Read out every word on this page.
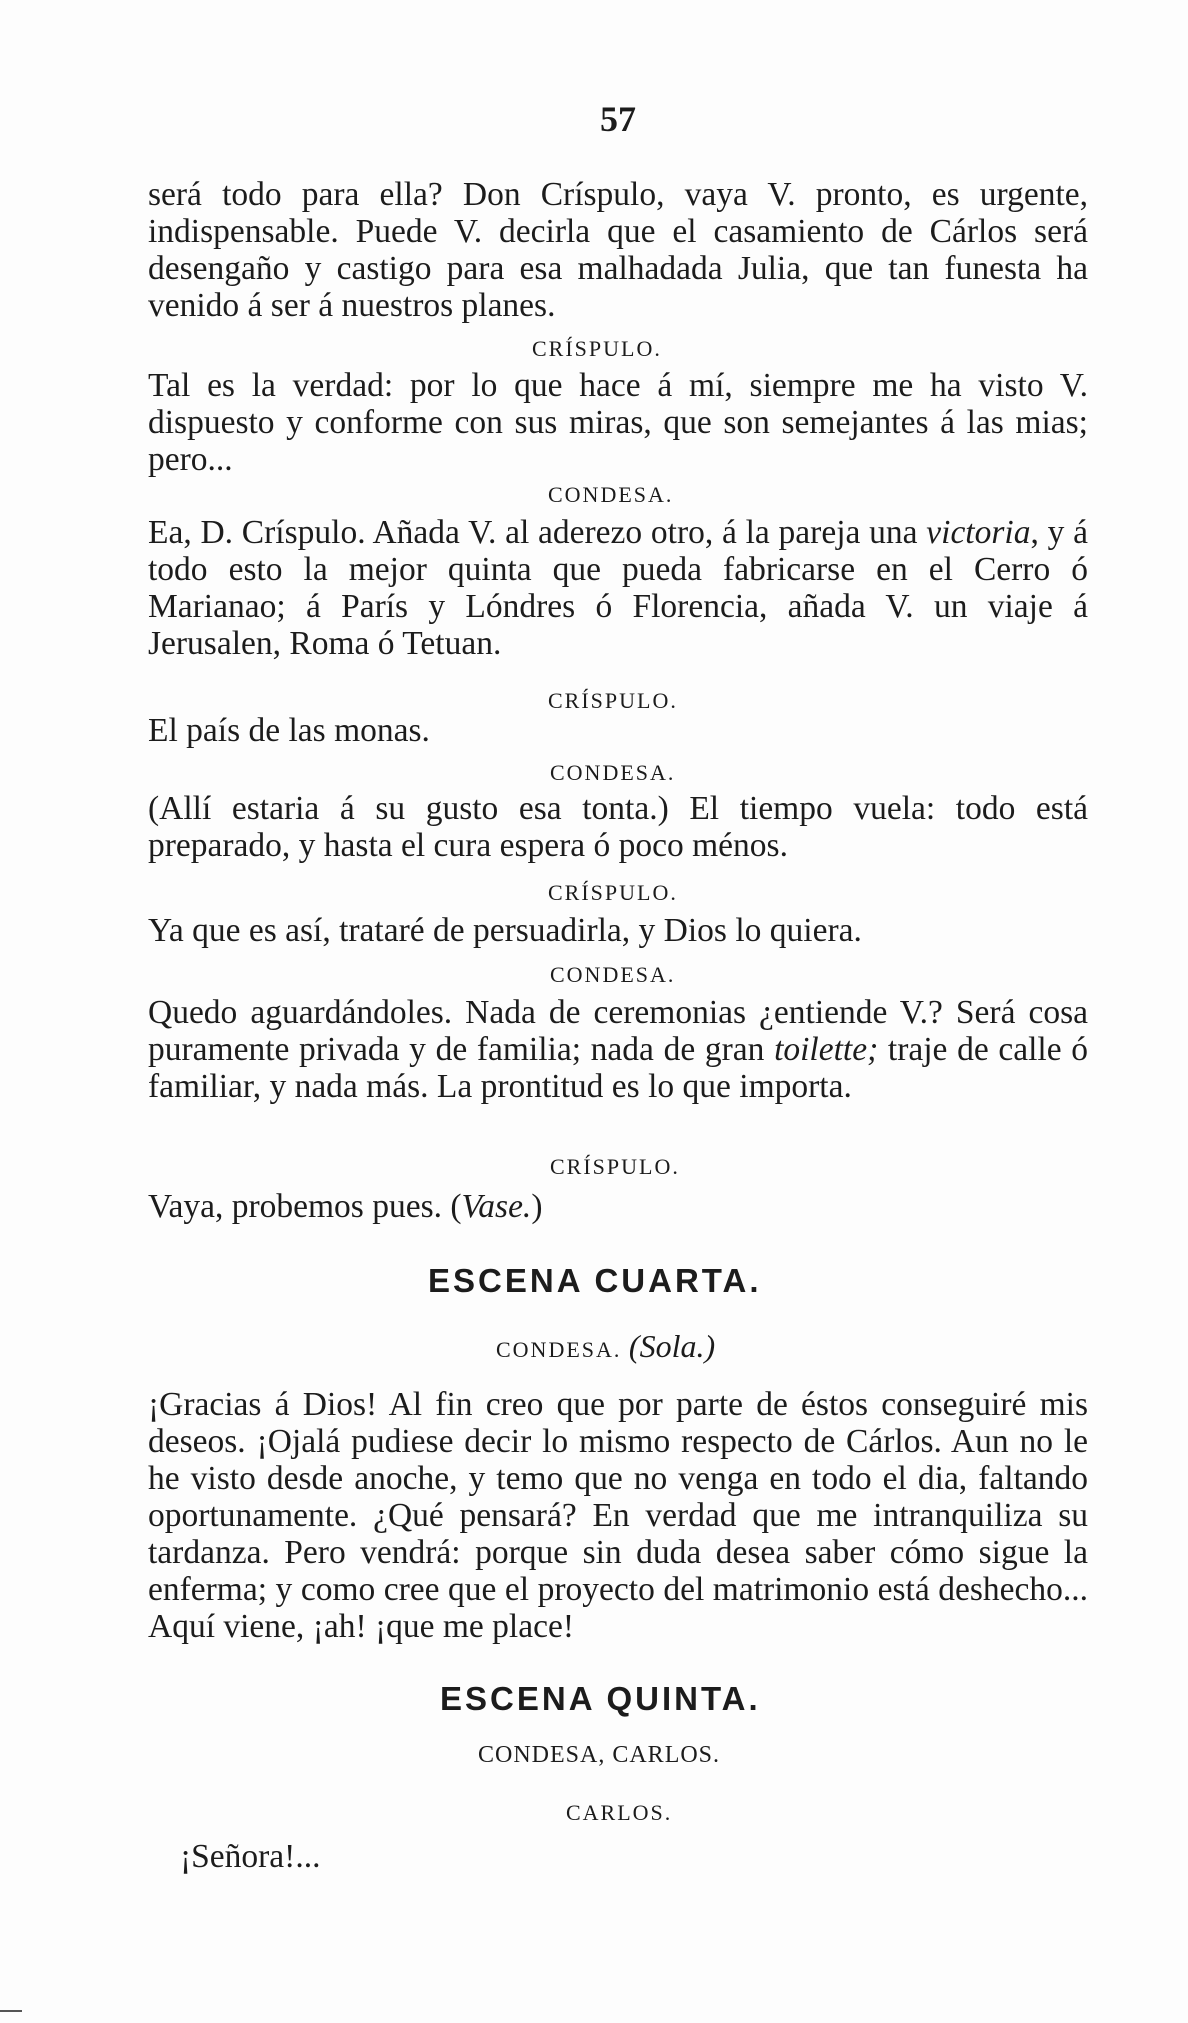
57

será todo para ella? Don Críspulo, vaya V. pronto, es urgente, indispensable. Puede V. decirla que el casamiento de Cárlos será desengaño y castigo para esa malhadada Julia, que tan funesta ha venido á ser á nuestros planes.

CRÍSPULO.

Tal es la verdad: por lo que hace á mí, siempre me ha visto V. dispuesto y conforme con sus miras, que son semejantes á las mias; pero...

CONDESA.

Ea, D. Críspulo. Añada V. al aderezo otro, á la pareja una victoria, y á todo esto la mejor quinta que pueda fabricarse en el Cerro ó Marianao; á París y Lóndres ó Florencia, añada V. un viaje á Jerusalen, Roma ó Tetuan.

CRÍSPULO.

El país de las monas.

CONDESA.

(Allí estaria á su gusto esa tonta.) El tiempo vuela: todo está preparado, y hasta el cura espera ó poco ménos.

CRÍSPULO.

Ya que es así, trataré de persuadirla, y Dios lo quiera.

CONDESA.

Quedo aguardándoles. Nada de ceremonias ¿entiende V.? Será cosa puramente privada y de familia; nada de gran toilette; traje de calle ó familiar, y nada más. La prontitud es lo que importa.

CRÍSPULO.

Vaya, probemos pues. (Vase.)

ESCENA CUARTA.
CONDESA. (Sola.)

¡Gracias á Dios! Al fin creo que por parte de éstos conseguiré mis deseos. ¡Ojalá pudiese decir lo mismo respecto de Cárlos. Aun no le he visto desde anoche, y temo que no venga en todo el dia, faltando oportunamente. ¿Qué pensará? En verdad que me intranquiliza su tardanza. Pero vendrá: porque sin duda desea saber cómo sigue la enferma; y como cree que el proyecto del matrimonio está deshecho... Aquí viene, ¡ah! ¡que me place!

ESCENA QUINTA.
CONDESA, CARLOS.
CARLOS.

¡Señora!...
